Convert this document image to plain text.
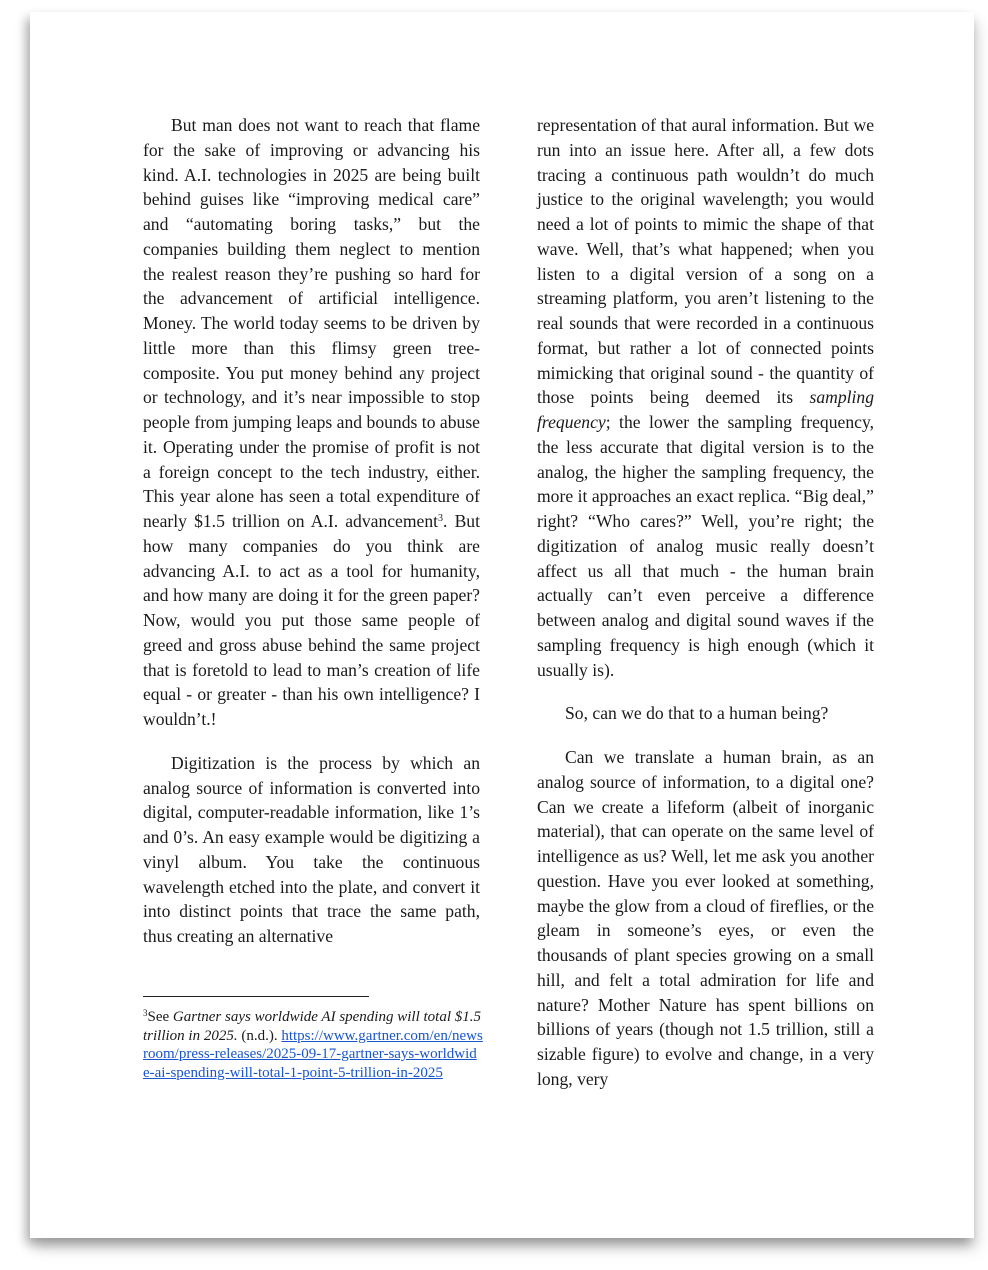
But man does not want to reach that flame for the sake of improving or advancing his kind. A.I. technologies in 2025 are being built behind guises like “improving medical care” and “automating boring tasks,” but the companies building them neglect to mention the realest reason they’re pushing so hard for the advancement of artificial intelligence. Money. The world today seems to be driven by little more than this flimsy green tree-composite. You put money behind any project or technology, and it’s near impossible to stop people from jumping leaps and bounds to abuse it. Operating under the promise of profit is not a foreign concept to the tech industry, either. This year alone has seen a total expenditure of nearly $1.5 trillion on A.I. advancement$^3$. But how many companies do you think are advancing A.I. to act as a tool for humanity, and how many are doing it for the green paper? Now, would you put those same people of greed and gross abuse behind the same project that is foretold to lead to man’s creation of life equal - or greater - than his own intelligence? I wouldn’t.!

Digitization is the process by which an analog source of information is converted into digital, computer-readable information, like 1’s and 0’s. An easy example would be digitizing a vinyl album. You take the continuous wavelength etched into the plate, and convert it into distinct points that trace the same path, thus creating an alternative

representation of that aural information. But we run into an issue here. After all, a few dots tracing a continuous path wouldn’t do much justice to the original wavelength; you would need a lot of points to mimic the shape of that wave. Well, that’s what happened; when you listen to a digital version of a song on a streaming platform, you aren’t listening to the real sounds that were recorded in a continuous format, but rather a lot of connected points mimicking that original sound - the quantity of those points being deemed its sampling frequency; the lower the sampling frequency, the less accurate that digital version is to the analog, the higher the sampling frequency, the more it approaches an exact replica. “Big deal,” right? “Who cares?” Well, you’re right; the digitization of analog music really doesn’t affect us all that much - the human brain actually can’t even perceive a difference between analog and digital sound waves if the sampling frequency is high enough (which it usually is).

So, can we do that to a human being?

Can we translate a human brain, as an analog source of information, to a digital one? Can we create a lifeform (albeit of inorganic material), that can operate on the same level of intelligence as us? Well, let me ask you another question. Have you ever looked at something, maybe the glow from a cloud of fireflies, or the gleam in someone’s eyes, or even the thousands of plant species growing on a small hill, and felt a total admiration for life and nature? Mother Nature has spent billions on billions of years (though not 1.5 trillion, still a sizable figure) to evolve and change, in a very long, very

$^3$See Gartner says worldwide AI spending will total $1.5 trillion in 2025. (n.d.). https://www.gartner.com/en/newsroom/press-releases/2025-09-17-gartner-says-worldwide-ai-spending-will-total-1-point-5-trillion-in-2025
